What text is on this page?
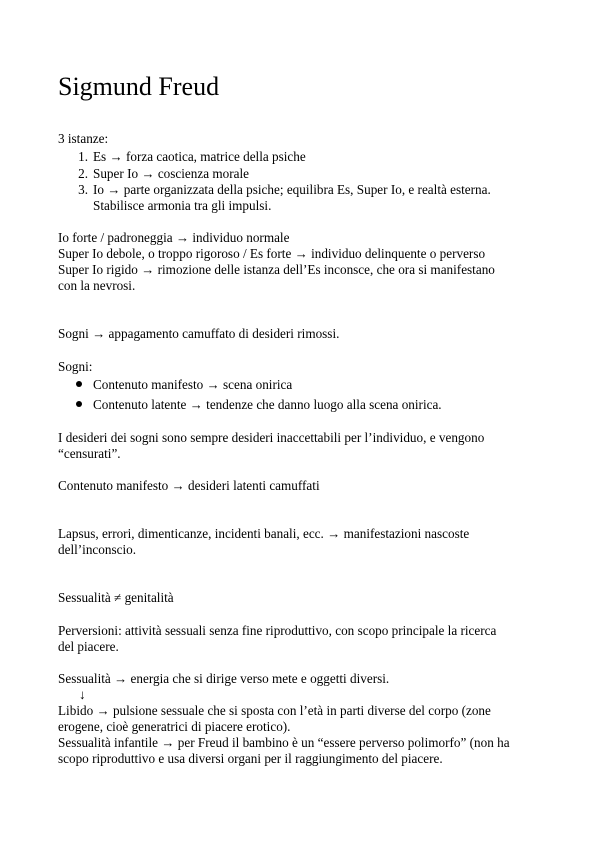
Sigmund Freud
3 istanze:
1. Es → forza caotica, matrice della psiche
2. Super Io → coscienza morale
3. Io → parte organizzata della psiche; equilibra Es, Super Io, e realtà esterna.
Stabilisce armonia tra gli impulsi.
Io forte / padroneggia → individuo normale
Super Io debole, o troppo rigoroso / Es forte → individuo delinquente o perverso
Super Io rigido → rimozione delle istanza dell’Es inconsce, che ora si manifestano
con la nevrosi.
Sogni → appagamento camuffato di desideri rimossi.
Sogni:
Contenuto manifesto → scena onirica
Contenuto latente → tendenze che danno luogo alla scena onirica.
I desideri dei sogni sono sempre desideri inaccettabili per l’individuo, e vengono
“censurati”.
Contenuto manifesto → desideri latenti camuffati
Lapsus, errori, dimenticanze, incidenti banali, ecc. → manifestazioni nascoste
dell’inconscio.
Sessualità ≠ genitalità
Perversioni: attività sessuali senza fine riproduttivo, con scopo principale la ricerca
del piacere.
Sessualità → energia che si dirige verso mete e oggetti diversi.
↓
Libido → pulsione sessuale che si sposta con l’età in parti diverse del corpo (zone
erogene, cioè generatrici di piacere erotico).
Sessualità infantile → per Freud il bambino è un “essere perverso polimorfo” (non ha
scopo riproduttivo e usa diversi organi per il raggiungimento del piacere.
